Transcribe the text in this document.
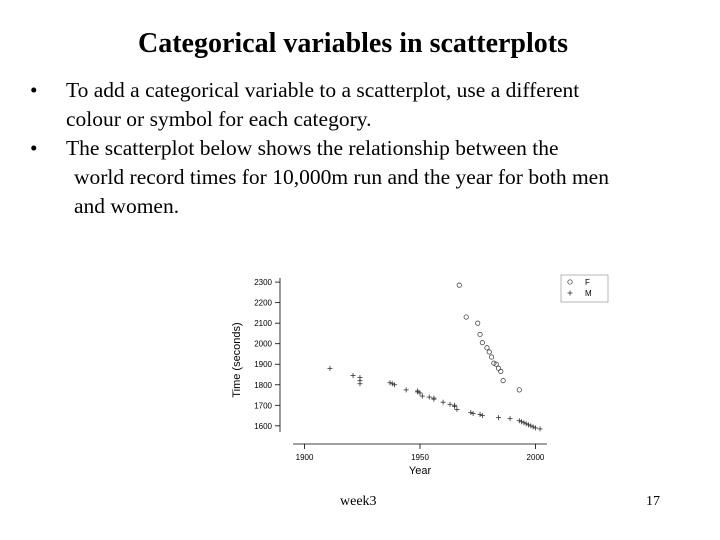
Categorical variables in scatterplots
• To add a categorical variable to a scatterplot, use a different
colour or symbol for each category.
• The scatterplot below shows the relationship between the
world record times for 10,000m run and the year for both men
and women.
1900	1950	2000
1600
1700
1800
1900
2000
2100
2200
2300
Year
Time (seconds)
F
M
week3	17
